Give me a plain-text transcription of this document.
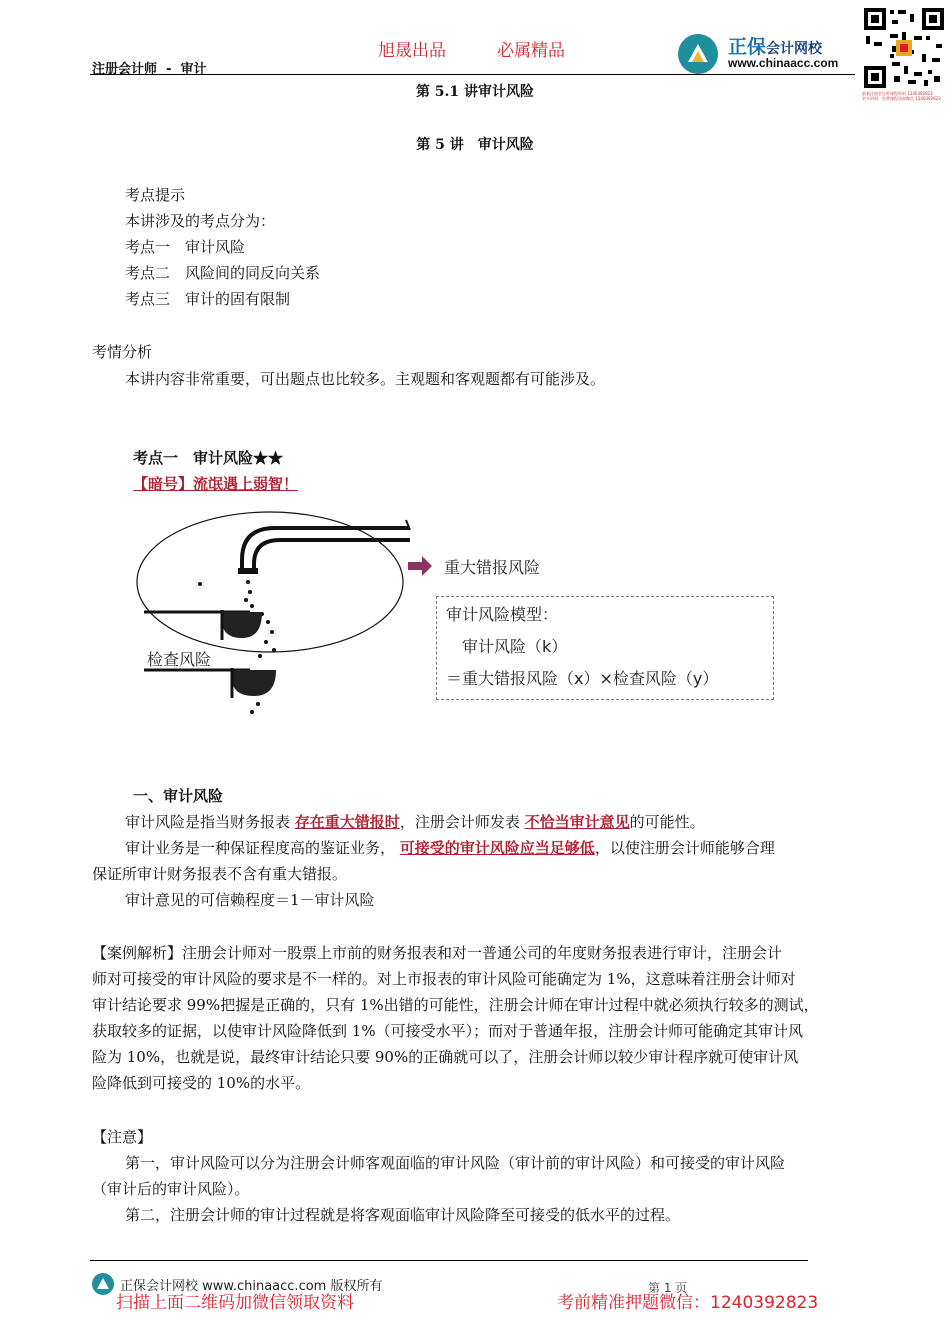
旭晟出品	必属精品
注册会计师 - 审计
正保会计网校
www.chinaacc.com
最新注册会计师课程资料 1240392823
更多资料、免费课程请加微信 1240392823
第 5.1 讲审计风险
第 5 讲　审计风险
考点提示
本讲涉及的考点分为：
考点一　审计风险
考点二　风险间的同反向关系
考点三　审计的固有限制
考情分析
本讲内容非常重要，可出题点也比较多。主观题和客观题都有可能涉及。
考点一　审计风险★★
【暗号】流氓遇上弱智！
重大错报风险
检查风险
审计风险模型：
审计风险（k）
＝重大错报风险（x）×检查风险（y）
一、审计风险
审计风险是指当财务报表 存在重大错报时，注册会计师发表 不恰当审计意见的可能性。
审计业务是一种保证程度高的鉴证业务， 可接受的审计风险应当足够低，以使注册会计师能够合理
保证所审计财务报表不含有重大错报。
审计意见的可信赖程度＝1－审计风险
【案例解析】注册会计师对一股票上市前的财务报表和对一普通公司的年度财务报表进行审计，注册会计
师对可接受的审计风险的要求是不一样的。对上市报表的审计风险可能确定为 1%，这意味着注册会计师对
审计结论要求 99%把握是正确的，只有 1%出错的可能性，注册会计师在审计过程中就必须执行较多的测试，
获取较多的证据，以使审计风险降低到 1%（可接受水平）；而对于普通年报，注册会计师可能确定其审计风
险为 10%，也就是说，最终审计结论只要 90%的正确就可以了，注册会计师以较少审计程序就可使审计风
险降低到可接受的 10%的水平。
【注意】
第一，审计风险可以分为注册会计师客观面临的审计风险（审计前的审计风险）和可接受的审计风险
（审计后的审计风险）。
第二，注册会计师的审计过程就是将客观面临审计风险降至可接受的低水平的过程。
正保会计网校 www.chinaacc.com 版权所有	第 1 页
扫描上面二维码加微信领取资料	考前精准押题微信：1240392823
